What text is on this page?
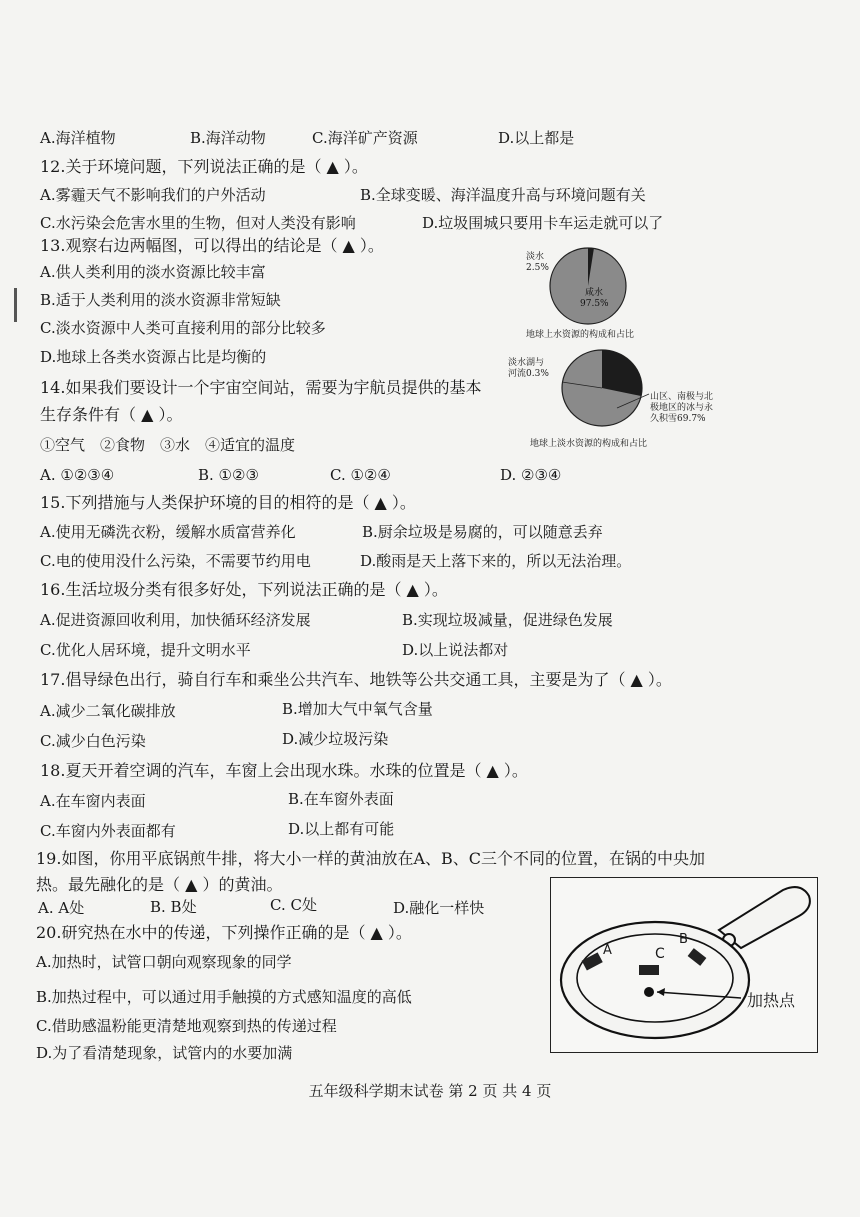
A.海洋植物	B.海洋动物	C.海洋矿产资源	D.以上都是
12.关于环境问题，下列说法正确的是（ ▲ ）。
A.雾霾天气不影响我们的户外活动	B.全球变暖、海洋温度升高与环境问题有关
C.水污染会危害水里的生物，但对人类没有影响	D.垃圾围城只要用卡车运走就可以了
13.观察右边两幅图，可以得出的结论是（ ▲ ）。
A.供人类利用的淡水资源比较丰富
B.适于人类利用的淡水资源非常短缺
C.淡水资源中人类可直接利用的部分比较多
D.地球上各类水资源占比是均衡的
淡水
2.5%
咸水
97.5%
地球上水资源的构成和占比
淡水湖与
河流0.3%
山区、南极与北
极地区的冰与永
久积雪69.7%
地球上淡水资源的构成和占比
14.如果我们要设计一个宇宙空间站，需要为宇航员提供的基本
生存条件有（ ▲ ）。
①空气　②食物　③水　④适宜的温度
A. ①②③④	B. ①②③	C. ①②④	D. ②③④
15.下列措施与人类保护环境的目的相符的是（ ▲ ）。
A.使用无磷洗衣粉，缓解水质富营养化	B.厨余垃圾是易腐的，可以随意丢弃
C.电的使用没什么污染，不需要节约用电	D.酸雨是天上落下来的，所以无法治理。
16.生活垃圾分类有很多好处，下列说法正确的是（ ▲ ）。
A.促进资源回收利用，加快循环经济发展	B.实现垃圾减量，促进绿色发展
C.优化人居环境，提升文明水平	D.以上说法都对
17.倡导绿色出行，骑自行车和乘坐公共汽车、地铁等公共交通工具，主要是为了（ ▲ ）。
A.减少二氧化碳排放	B.增加大气中氧气含量
C.减少白色污染	D.减少垃圾污染
18.夏天开着空调的汽车，车窗上会出现水珠。水珠的位置是（ ▲ ）。
A.在车窗内表面	B.在车窗外表面
C.车窗内外表面都有	D.以上都有可能
19.如图，你用平底锅煎牛排，将大小一样的黄油放在A、B、C三个不同的位置，在锅的中央加
热。最先融化的是（ ▲ ）的黄油。
A. A处	B. B处	C. C处	D.融化一样快
20.研究热在水中的传递，下列操作正确的是（ ▲ ）。
A.加热时，试管口朝向观察现象的同学
B.加热过程中，可以通过用手触摸的方式感知温度的高低
C.借助感温粉能更清楚地观察到热的传递过程
D.为了看清楚现象，试管内的水要加满
A	C
B
加热点
五年级科学期末试卷 第 2 页 共 4 页
